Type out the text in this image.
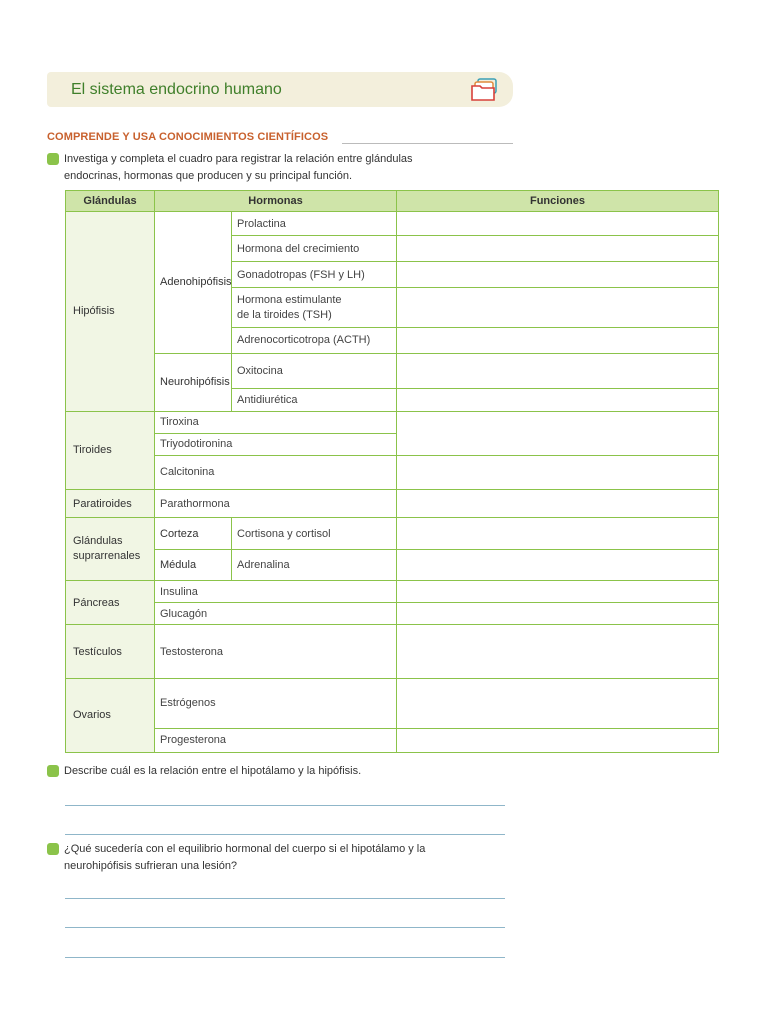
El sistema endocrino humano
COMPRENDE Y USA CONOCIMIENTOS CIENTÍFICOS
Investiga y completa el cuadro para registrar la relación entre glándulas
endocrinas, hormonas que producen y su principal función.
Glándulas	Hormonas		Funciones
Hipófisis	Adenohipófisis	Prolactina	
		Hormona del crecimiento	
		Gonadotropas (FSH y LH)	

		Hormona estimulante
de la tiroides (TSH)	

		Adrenocorticotropa (ACTH)	
	Neurohipófisis	Oxitocina	
		Antidiurética	
Tiroides	Tiroxina		
	Triyodotironina		
	Calcitonina		
Paratiroides	Parathormona		

Glándulas
suprarrenales	Corteza	Cortisona y cortisol	
	Médula	Adrenalina	
Páncreas	Insulina		
	Glucagón		
Testículos	Testosterona		
Ovarios	Estrógenos		
	Progesterona		
Describe cuál es la relación entre el hipotálamo y la hipófisis.
¿Qué sucedería con el equilibrio hormonal del cuerpo si el hipotálamo y la
neurohipófisis sufrieran una lesión?
